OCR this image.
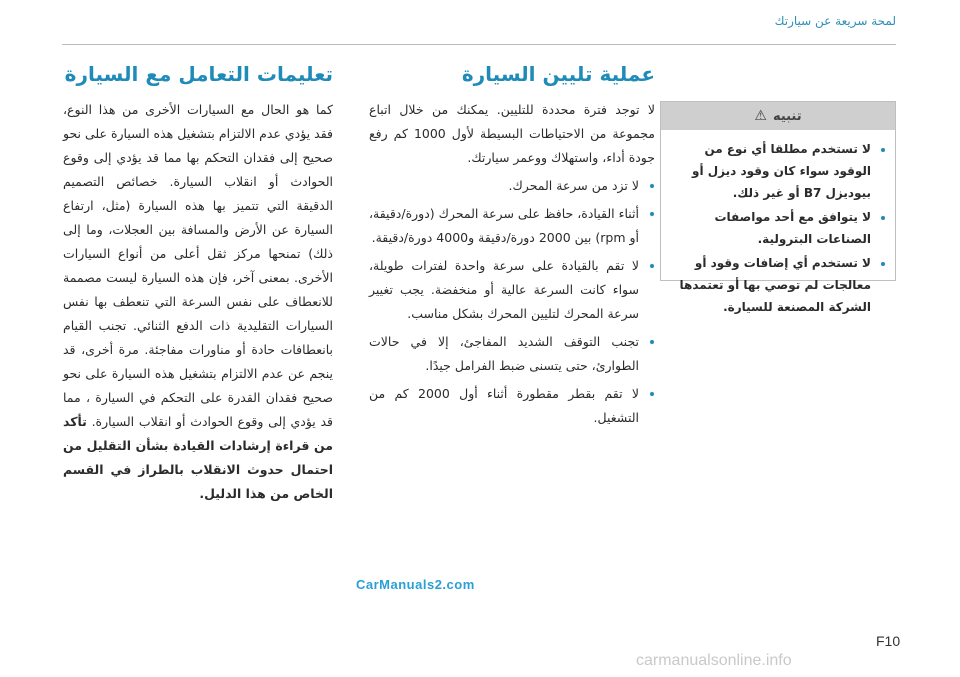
لمحة سريعة عن سيارتك
تنبيه
⚠
• لا تستخدم مطلقا أي نوع من الوقود سواء كان وقود ديزل أو بيوديزل B7 أو غير ذلك.
• لا يتوافق مع أحد مواصفات الصناعات البترولية.
• لا تستخدم أي إضافات وقود أو معالجات لم توصي بها أو تعتمدها الشركة المصنعة للسيارة.
عملية تليين السيارة

لا توجد فترة محددة للتليين. يمكنك من خلال اتباع مجموعة من الاحتياطات البسيطة لأول 1000 كم رفع جودة أداء، واستهلاك ووعمر سيارتك.

• لا تزد من سرعة المحرك.
• أثناء القيادة، حافظ على سرعة المحرك (دورة/دقيقة، أو rpm) بين 2000 دورة/دقيقة و4000 دورة/دقيقة.
• لا تقم بالقيادة على سرعة واحدة لفترات طويلة، سواء كانت السرعة عالية أو منخفضة. يجب تغيير سرعة المحرك لتليين المحرك بشكل مناسب.
• تجنب التوقف الشديد المفاجئ، إلا في حالات الطوارئ، حتى يتسنى ضبط الفرامل جيدًا.
• لا تقم بقطر مقطورة أثناء أول 2000 كم من التشغيل.
تعليمات التعامل مع السيارة

كما هو الحال مع السيارات الأخرى من هذا النوع، فقد يؤدي عدم الالتزام بتشغيل هذه السيارة على نحو صحيح إلى فقدان التحكم بها مما قد يؤدي إلى وقوع الحوادث أو انقلاب السيارة. خصائص التصميم الدقيقة التي تتميز بها هذه السيارة (مثل، ارتفاع السيارة عن الأرض والمسافة بين العجلات، وما إلى ذلك) تمنحها مركز ثقل أعلى من أنواع السيارات الأخرى. بمعنى آخر، فإن هذه السيارة ليست مصممة للانعطاف على نفس السرعة التي تنعطف بها نفس السيارات التقليدية ذات الدفع الثنائي. تجنب القيام بانعطافات حادة أو مناورات مفاجئة. مرة أخرى، قد ينجم عن عدم الالتزام بتشغيل هذه السيارة على نحو صحيح فقدان القدرة على التحكم في السيارة ، مما قد يؤدي إلى وقوع الحوادث أو انقلاب السيارة. تأكد من قراءة إرشادات القيادة بشأن التقليل من احتمال حدوث الانقلاب بالطراز في القسم الخاص من هذا الدليل.

CarManuals2.com
F10
carmanualsonline.info
